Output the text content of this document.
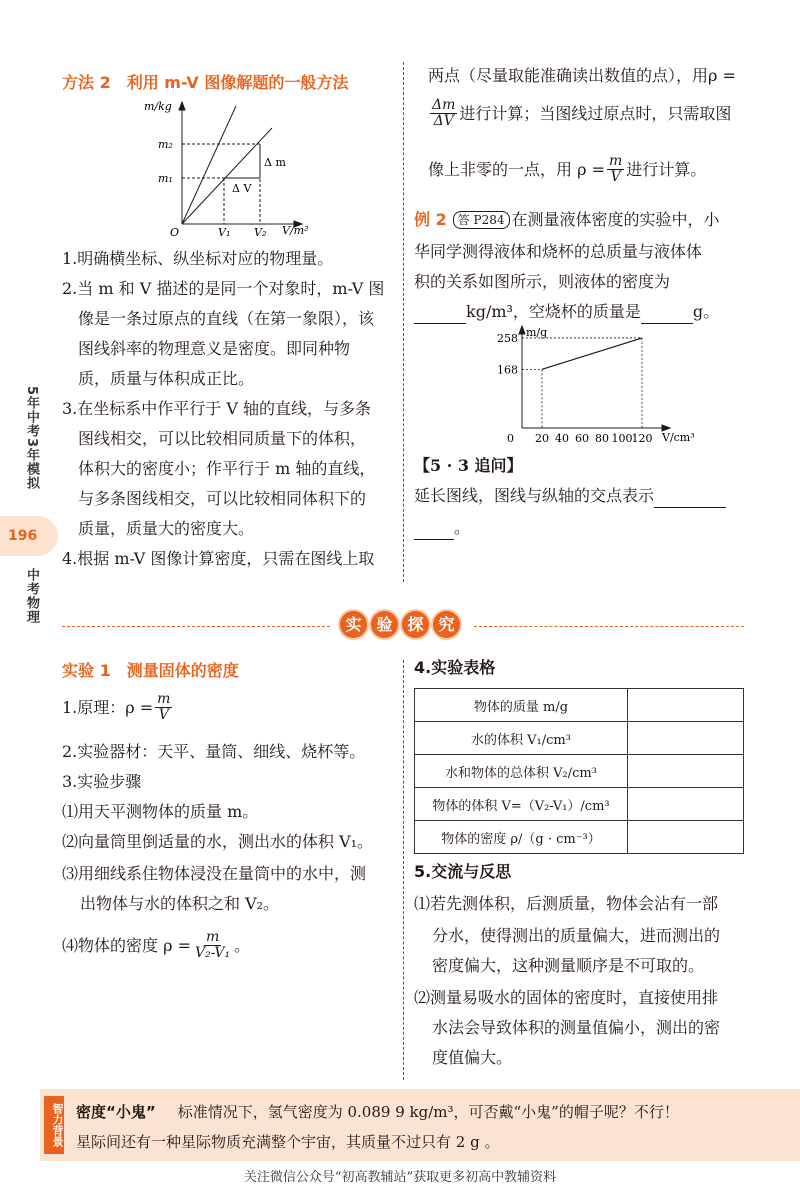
5年中考3年模拟
196
中考物理
方法 2　利用 m-V 图像解题的一般方法
m/kg
m₂
m₁
O	V₁ V₂ V/m²
Δ m
Δ V
1.明确横坐标、纵坐标对应的物理量。
2.当 m 和 V 描述的是同一个对象时，m-V 图
像是一条过原点的直线（在第一象限），该
图线斜率的物理意义是密度。即同种物
质，质量与体积成正比。
3.在坐标系中作平行于 V 轴的直线，与多条
图线相交，可以比较相同质量下的体积，
体积大的密度小；作平行于 m 轴的直线，
与多条图线相交，可以比较相同体积下的
质量，质量大的密度大。
4.根据 m-V 图像计算密度，只需在图线上取
两点（尽量取能准确读出数值的点），用ρ =
$\frac{\Delta m}{\Delta V}$ 进行计算；当图线过原点时，只需取图
像上非零的一点，用 $\rho = \frac{m}{V}$ 进行计算。
例 2 答 P284 在测量液体密度的实验中，小
华同学测得液体和烧杯的总质量与液体体
积的关系如图所示，则液体的密度为
kg/m³，空烧杯的质量是	g。
m/g
V/cm³
0 20 40 60 80 100 120
168
258
【5 · 3 追问】
延长图线，图线与纵轴的交点表示
。
实 验 探 究
实验 1　测量固体的密度
1.原理：$\rho = \frac{m}{V}$
2.实验器材：天平、量筒、细线、烧杯等。
3.实验步骤
⑴用天平测物体的质量 m。
⑵向量筒里倒适量的水，测出水的体积 V₁。
⑶用细线系住物体浸没在量筒中的水中，测
出物体与水的体积之和 V₂。
⑷物体的密度 $\rho = \frac{m}{\text{V₂-V₁}}$ 。
4.实验表格
物体的质量 m/g	
水的体积 V₁/cm³	
水和物体的总体积 V₂/cm³	
物体的体积 V=（V₂-V₁）/cm³	
物体的密度 ρ/（g · cm⁻³）	
5.交流与反思
⑴若先测体积，后测质量，物体会沾有一部
分水，使得测出的质量偏大，进而测出的
密度偏大，这种测量顺序是不可取的。
⑵测量易吸水的固体的密度时，直接使用排
水法会导致体积的测量值偏小，测出的密
度值偏大。
智力背景 密度“小鬼” 标准情况下，氢气密度为 0.089 9 kg/m³，可否戴“小鬼”的帽子呢？不行！
星际间还有一种星际物质充满整个宇宙，其质量不过只有 2 g 。
关注微信公众号“初高教辅站”获取更多初高中教辅资料
